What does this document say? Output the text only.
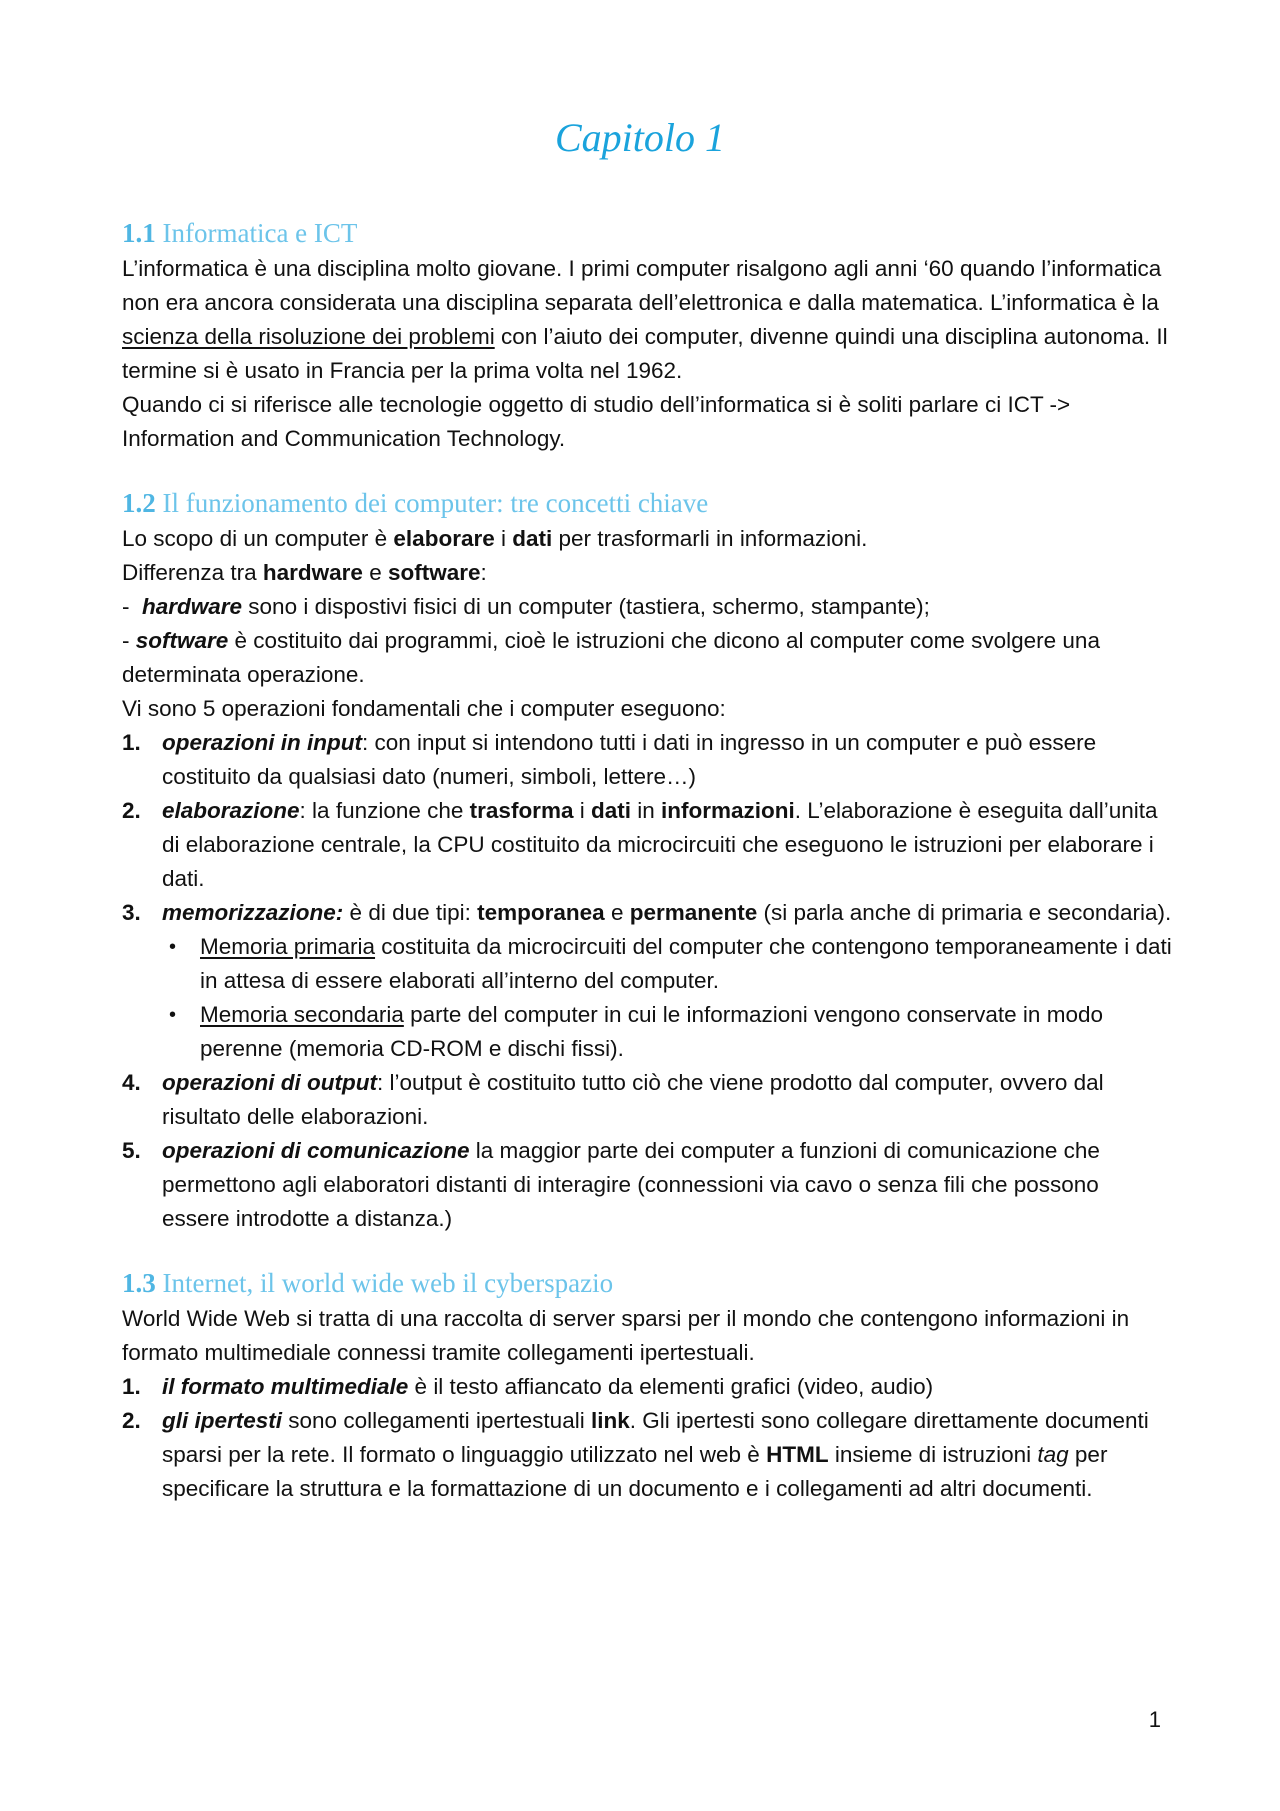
Capitolo 1

1.1 Informatica e ICT

L’informatica è una disciplina molto giovane. I primi computer risalgono agli anni ‘60 quando l’informatica non era ancora considerata una disciplina separata dell’elettronica e dalla matematica. L’informatica è la scienza della risoluzione dei problemi con l’aiuto dei computer, divenne quindi una disciplina autonoma. Il termine si è usato in Francia per la prima volta nel 1962.

Quando ci si riferisce alle tecnologie oggetto di studio dell’informatica si è soliti parlare ci ICT -> Information and Communication Technology.

1.2 Il funzionamento dei computer: tre concetti chiave

Lo scopo di un computer è elaborare i dati per trasformarli in informazioni.

Differenza tra hardware e software:

-  hardware sono i dispostivi fisici di un computer (tastiera, schermo, stampante);

- software è costituito dai programmi, cioè le istruzioni che dicono al computer come svolgere una determinata operazione.

Vi sono 5 operazioni fondamentali che i computer eseguono:

1. operazioni in input: con input si intendono tutti i dati in ingresso in un computer e può essere costituito da qualsiasi dato (numeri, simboli, lettere…)
2. elaborazione: la funzione che trasforma i dati in informazioni. L’elaborazione è eseguita dall’unita di elaborazione centrale, la CPU costituito da microcircuiti che eseguono le istruzioni per elaborare i dati.
3. memorizzazione: è di due tipi: temporanea e permanente (si parla anche di primaria e secondaria).
• Memoria primaria costituita da microcircuiti del computer che contengono temporaneamente i dati in attesa di essere elaborati all’interno del computer.
• Memoria secondaria parte del computer in cui le informazioni vengono conservate in modo perenne (memoria CD-ROM e dischi fissi).
4. operazioni di output: l’output è costituito tutto ciò che viene prodotto dal computer, ovvero dal risultato delle elaborazioni.
5. operazioni di comunicazione la maggior parte dei computer a funzioni di comunicazione che permettono agli elaboratori distanti di interagire (connessioni via cavo o senza fili che possono essere introdotte a distanza.)

1.3 Internet, il world wide web il cyberspazio

World Wide Web si tratta di una raccolta di server sparsi per il mondo che contengono informazioni in formato multimediale connessi tramite collegamenti ipertestuali.

1. il formato multimediale è il testo affiancato da elementi grafici (video, audio)
2. gli ipertesti sono collegamenti ipertestuali link. Gli ipertesti sono collegare direttamente documenti sparsi per la rete. Il formato o linguaggio utilizzato nel web è HTML insieme di istruzioni tag per specificare la struttura e la formattazione di un documento e i collegamenti ad altri documenti.
1
